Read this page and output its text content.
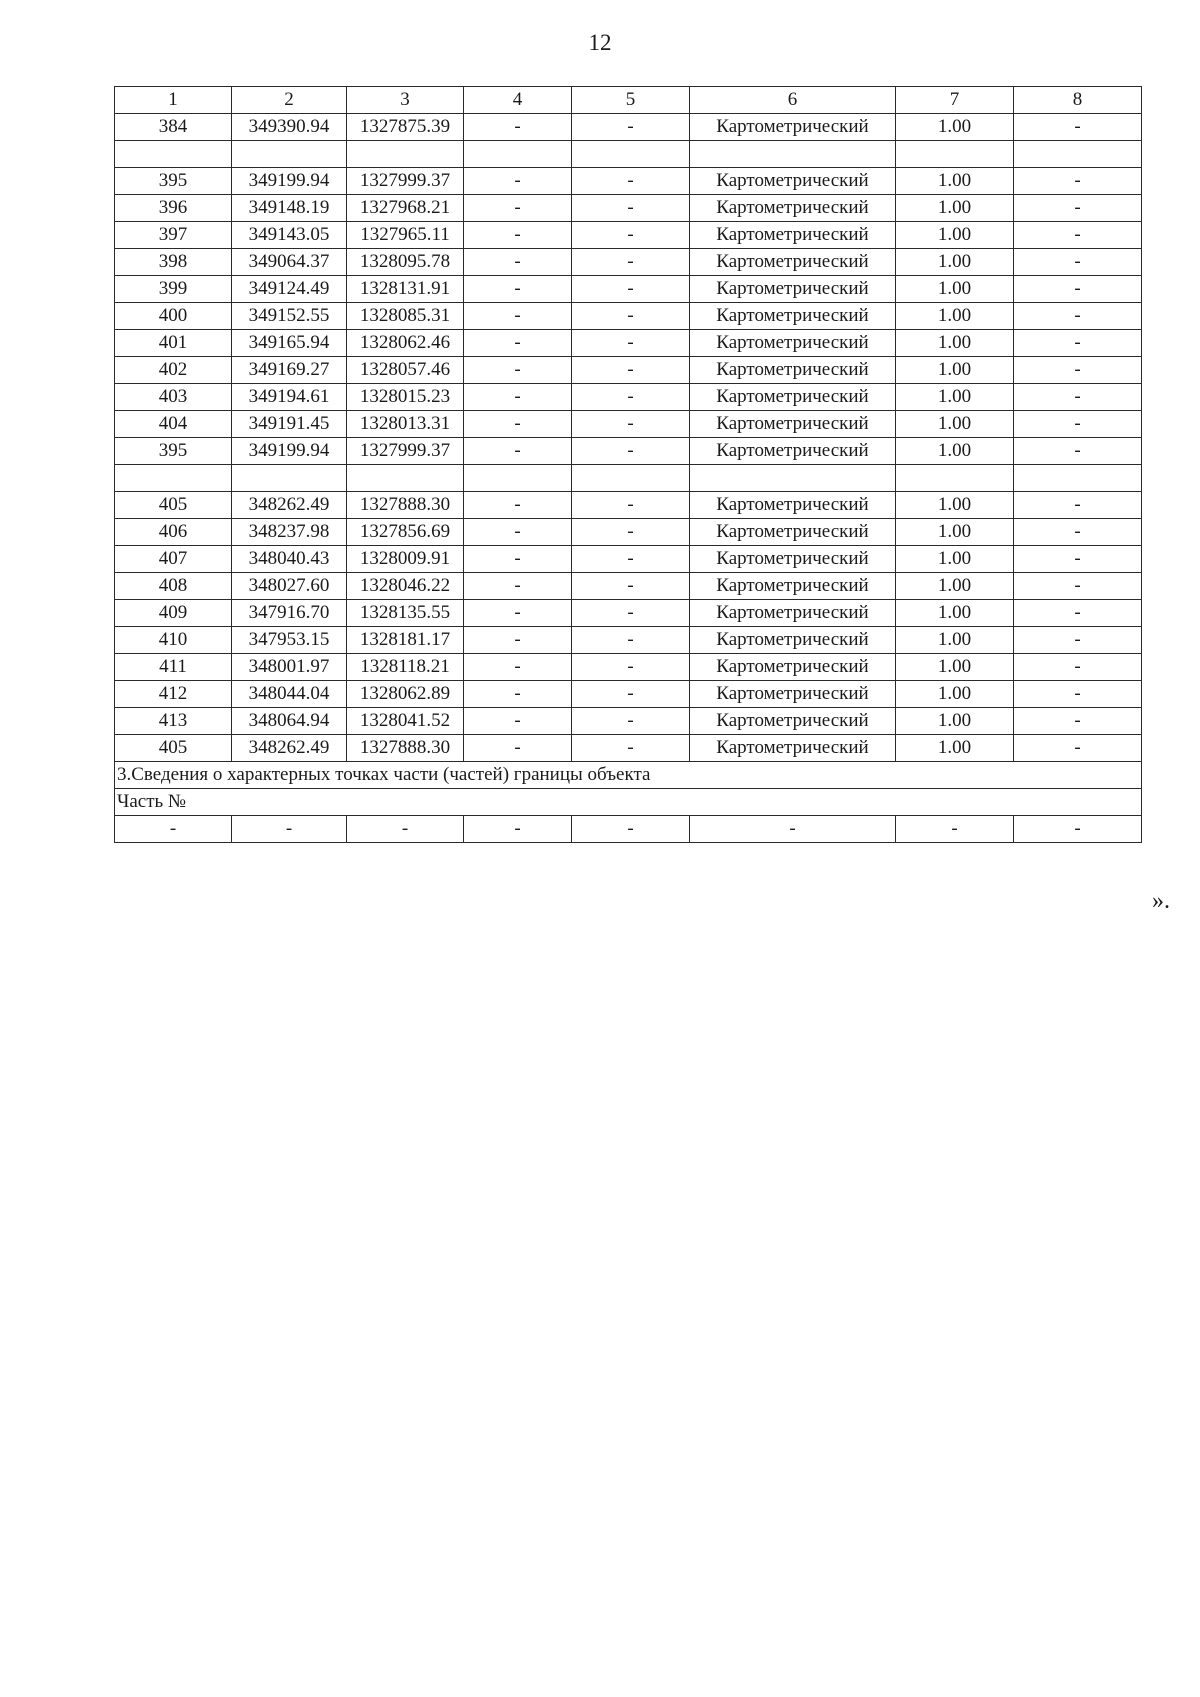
12
1	2	3	4	5	6	7	8
384	349390.94	1327875.39	-	-	Картометрический	1.00	-

395	349199.94	1327999.37	-	-	Картометрический	1.00	-
396	349148.19	1327968.21	-	-	Картометрический	1.00	-
397	349143.05	1327965.11	-	-	Картометрический	1.00	-
398	349064.37	1328095.78	-	-	Картометрический	1.00	-
399	349124.49	1328131.91	-	-	Картометрический	1.00	-
400	349152.55	1328085.31	-	-	Картометрический	1.00	-
401	349165.94	1328062.46	-	-	Картометрический	1.00	-
402	349169.27	1328057.46	-	-	Картометрический	1.00	-
403	349194.61	1328015.23	-	-	Картометрический	1.00	-
404	349191.45	1328013.31	-	-	Картометрический	1.00	-
395	349199.94	1327999.37	-	-	Картометрический	1.00	-

405	348262.49	1327888.30	-	-	Картометрический	1.00	-
406	348237.98	1327856.69	-	-	Картометрический	1.00	-
407	348040.43	1328009.91	-	-	Картометрический	1.00	-
408	348027.60	1328046.22	-	-	Картометрический	1.00	-
409	347916.70	1328135.55	-	-	Картометрический	1.00	-
410	347953.15	1328181.17	-	-	Картометрический	1.00	-
411	348001.97	1328118.21	-	-	Картометрический	1.00	-
412	348044.04	1328062.89	-	-	Картометрический	1.00	-
413	348064.94	1328041.52	-	-	Картометрический	1.00	-
405	348262.49	1327888.30	-	-	Картометрический	1.00	-
3.Сведения о характерных точках части (частей) границы объекта							
Часть №							
-	-	-	-	-	-	-	-
».
